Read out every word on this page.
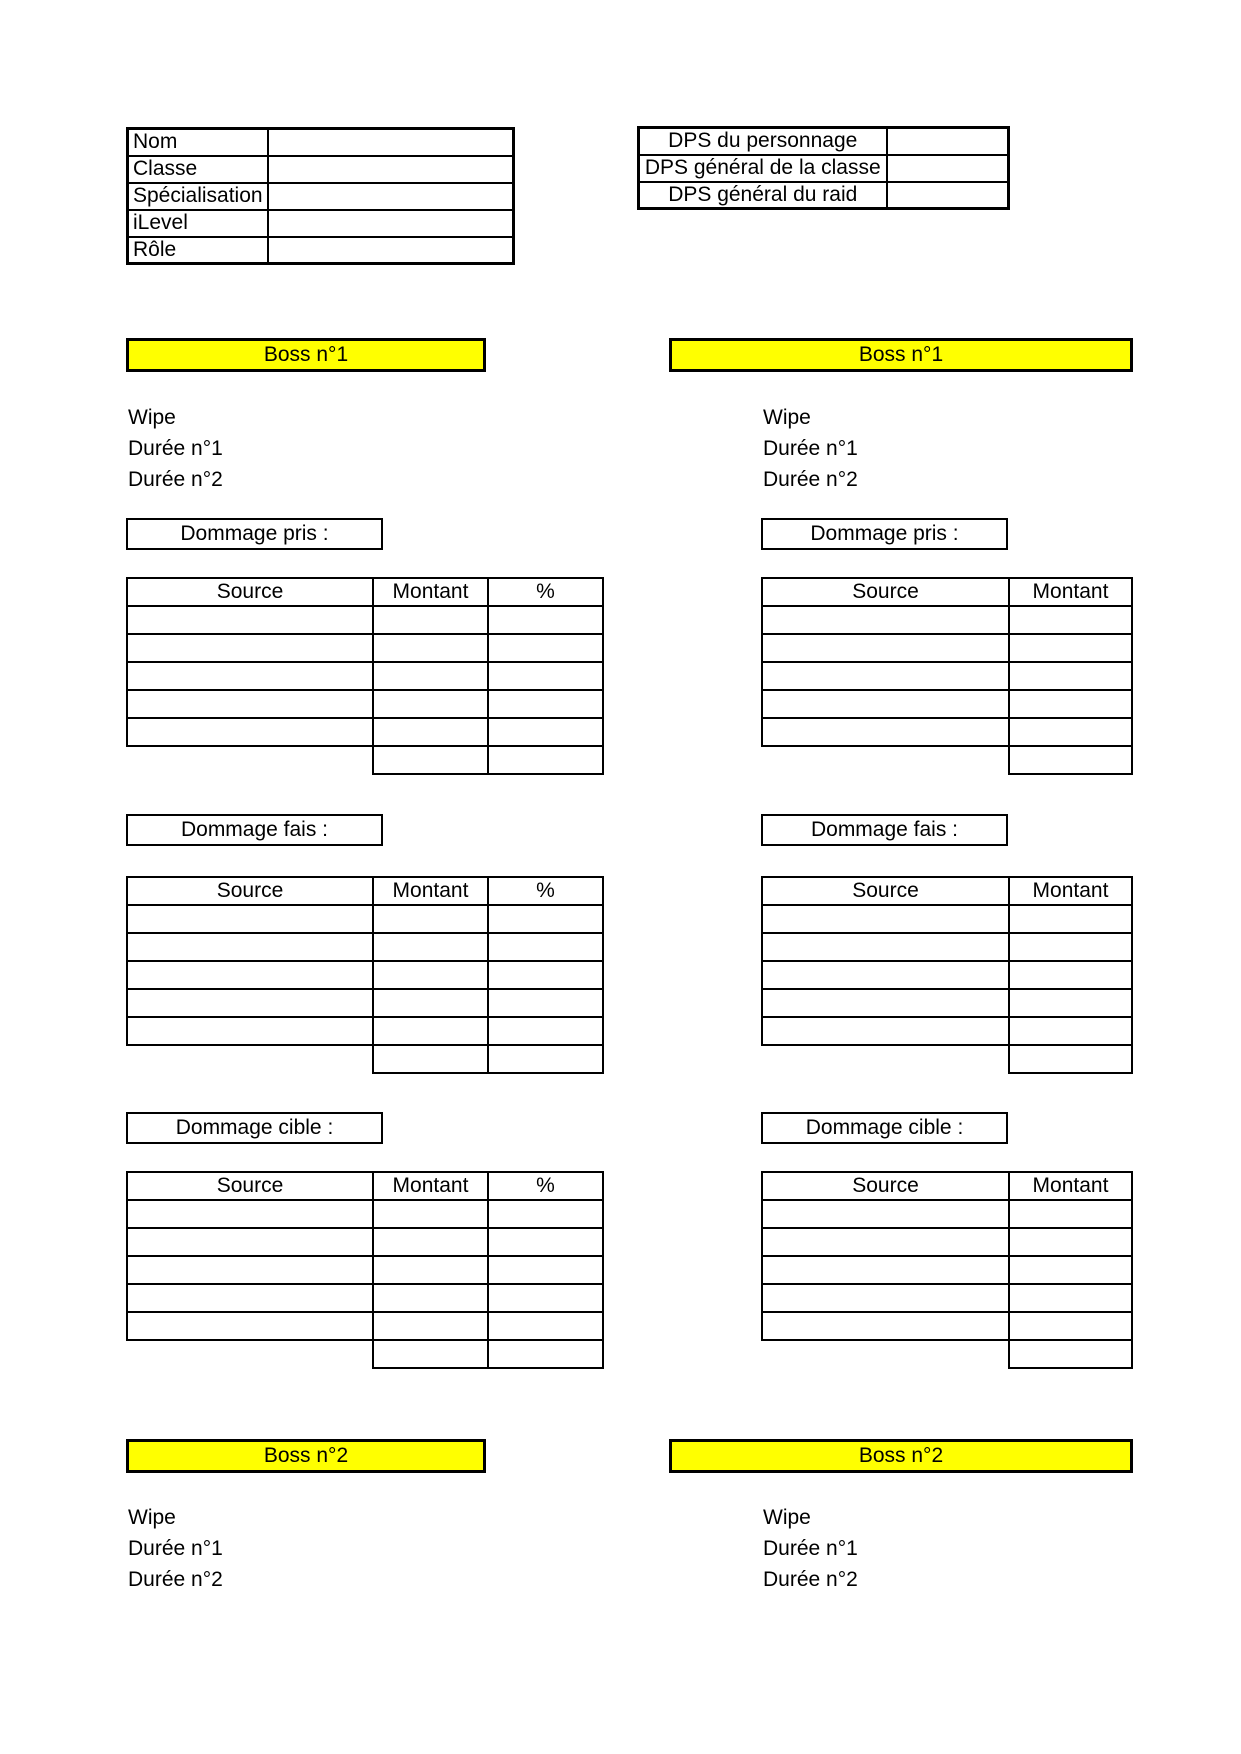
Nom	
Classe	
Spécialisation	
iLevel	
Rôle	
DPS du personnage	
DPS général de la classe	
DPS général du raid	
Boss n°1	Boss n°1
Wipe
Durée n°1
Durée n°2
Wipe
Durée n°1
Durée n°2
Dommage pris :
Source	Montant	%

Dommage pris :
Source	Montant

Dommage fais :
Source	Montant	%

Dommage fais :
Source	Montant

Dommage cible :
Source	Montant	%

Dommage cible :
Source	Montant

Boss n°2	Boss n°2
Wipe
Durée n°1
Durée n°2
Wipe
Durée n°1
Durée n°2
